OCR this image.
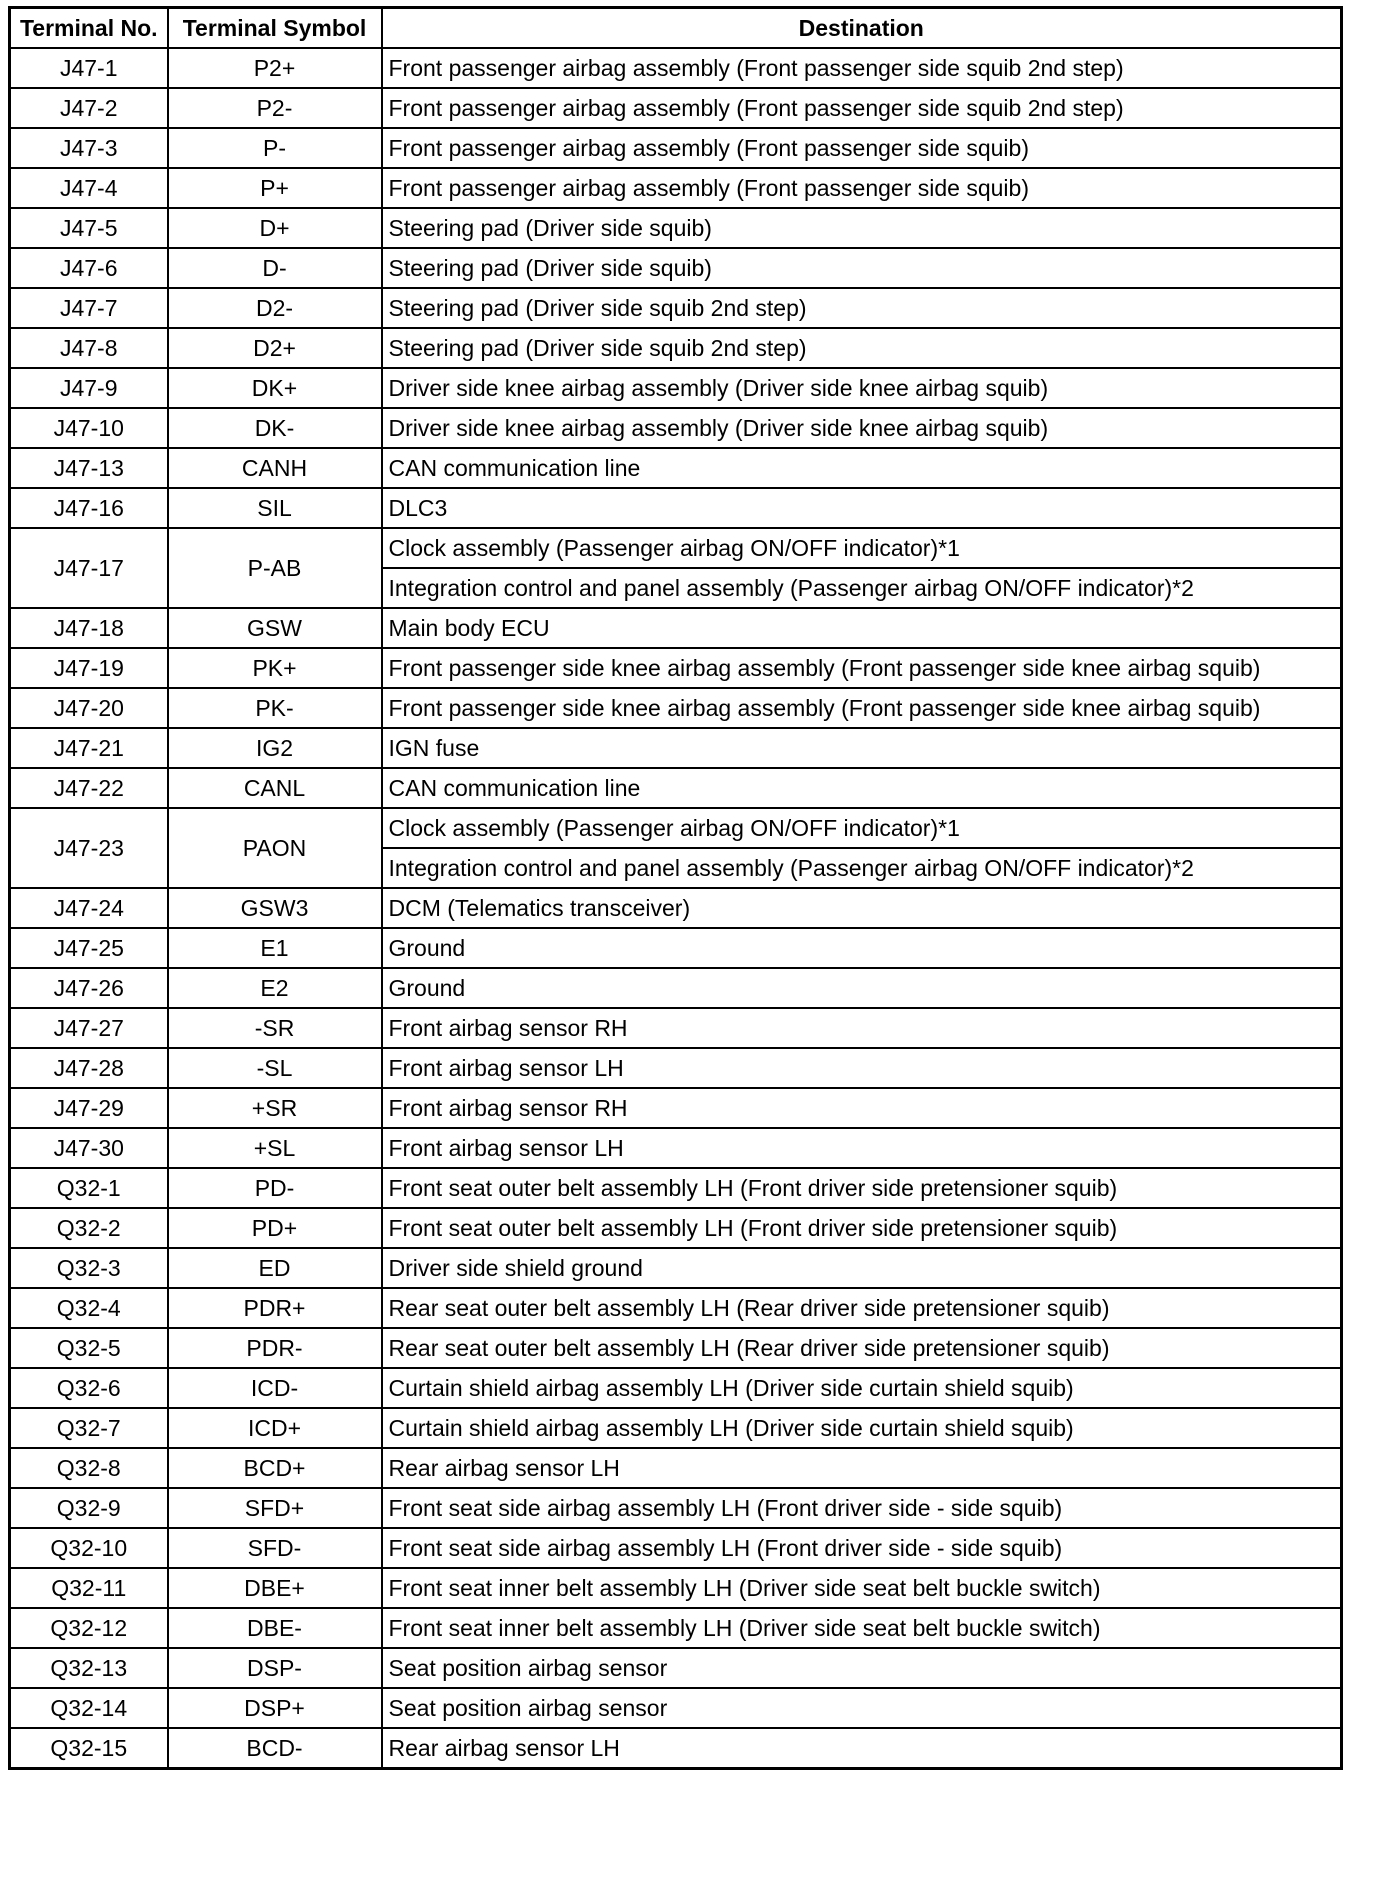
Terminal No.	Terminal Symbol	Destination
J47-1	P2+	Front passenger airbag assembly (Front passenger side squib 2nd step)
J47-2	P2-	Front passenger airbag assembly (Front passenger side squib 2nd step)
J47-3	P-	Front passenger airbag assembly (Front passenger side squib)
J47-4	P+	Front passenger airbag assembly (Front passenger side squib)
J47-5	D+	Steering pad (Driver side squib)
J47-6	D-	Steering pad (Driver side squib)
J47-7	D2-	Steering pad (Driver side squib 2nd step)
J47-8	D2+	Steering pad (Driver side squib 2nd step)
J47-9	DK+	Driver side knee airbag assembly (Driver side knee airbag squib)
J47-10	DK-	Driver side knee airbag assembly (Driver side knee airbag squib)
J47-13	CANH	CAN communication line
J47-16	SIL	DLC3
J47-17	P-AB	Clock assembly (Passenger airbag ON/OFF indicator)*1
		Integration control and panel assembly (Passenger airbag ON/OFF indicator)*2
J47-18	GSW	Main body ECU
J47-19	PK+	Front passenger side knee airbag assembly (Front passenger side knee airbag squib)
J47-20	PK-	Front passenger side knee airbag assembly (Front passenger side knee airbag squib)
J47-21	IG2	IGN fuse
J47-22	CANL	CAN communication line
J47-23	PAON	Clock assembly (Passenger airbag ON/OFF indicator)*1
		Integration control and panel assembly (Passenger airbag ON/OFF indicator)*2
J47-24	GSW3	DCM (Telematics transceiver)
J47-25	E1	Ground
J47-26	E2	Ground
J47-27	-SR	Front airbag sensor RH
J47-28	-SL	Front airbag sensor LH
J47-29	+SR	Front airbag sensor RH
J47-30	+SL	Front airbag sensor LH
Q32-1	PD-	Front seat outer belt assembly LH (Front driver side pretensioner squib)
Q32-2	PD+	Front seat outer belt assembly LH (Front driver side pretensioner squib)
Q32-3	ED	Driver side shield ground
Q32-4	PDR+	Rear seat outer belt assembly LH (Rear driver side pretensioner squib)
Q32-5	PDR-	Rear seat outer belt assembly LH (Rear driver side pretensioner squib)
Q32-6	ICD-	Curtain shield airbag assembly LH (Driver side curtain shield squib)
Q32-7	ICD+	Curtain shield airbag assembly LH (Driver side curtain shield squib)
Q32-8	BCD+	Rear airbag sensor LH
Q32-9	SFD+	Front seat side airbag assembly LH (Front driver side - side squib)
Q32-10	SFD-	Front seat side airbag assembly LH (Front driver side - side squib)
Q32-11	DBE+	Front seat inner belt assembly LH (Driver side seat belt buckle switch)
Q32-12	DBE-	Front seat inner belt assembly LH (Driver side seat belt buckle switch)
Q32-13	DSP-	Seat position airbag sensor
Q32-14	DSP+	Seat position airbag sensor
Q32-15	BCD-	Rear airbag sensor LH
